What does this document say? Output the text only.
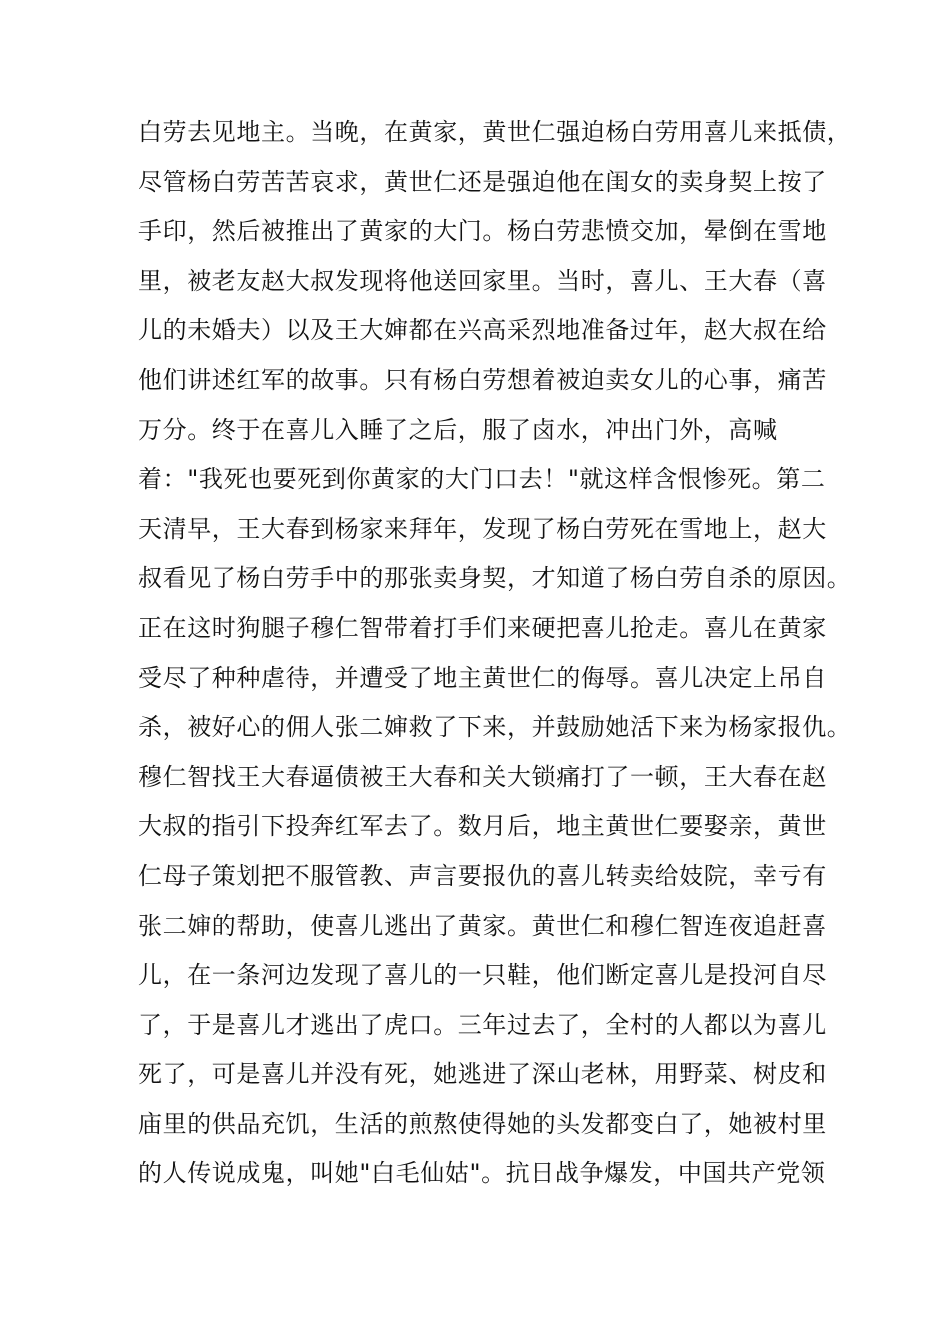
白劳去见地主。当晚，在黄家，黄世仁强迫杨白劳用喜儿来抵债，
尽管杨白劳苦苦哀求，黄世仁还是强迫他在闺女的卖身契上按了
手印，然后被推出了黄家的大门。杨白劳悲愤交加，晕倒在雪地
里，被老友赵大叔发现将他送回家里。当时，喜儿、王大春（喜
儿的未婚夫）以及王大婶都在兴高采烈地准备过年，赵大叔在给
他们讲述红军的故事。只有杨白劳想着被迫卖女儿的心事，痛苦
万分。终于在喜儿入睡了之后，服了卤水，冲出门外，高喊
着："我死也要死到你黄家的大门口去！"就这样含恨惨死。第二
天清早，王大春到杨家来拜年，发现了杨白劳死在雪地上，赵大
叔看见了杨白劳手中的那张卖身契，才知道了杨白劳自杀的原因。
正在这时狗腿子穆仁智带着打手们来硬把喜儿抢走。喜儿在黄家
受尽了种种虐待，并遭受了地主黄世仁的侮辱。喜儿决定上吊自
杀，被好心的佣人张二婶救了下来，并鼓励她活下来为杨家报仇。
穆仁智找王大春逼债被王大春和关大锁痛打了一顿，王大春在赵
大叔的指引下投奔红军去了。数月后，地主黄世仁要娶亲，黄世
仁母子策划把不服管教、声言要报仇的喜儿转卖给妓院，幸亏有
张二婶的帮助，使喜儿逃出了黄家。黄世仁和穆仁智连夜追赶喜
儿，在一条河边发现了喜儿的一只鞋，他们断定喜儿是投河自尽
了，于是喜儿才逃出了虎口。三年过去了，全村的人都以为喜儿
死了，可是喜儿并没有死，她逃进了深山老林，用野菜、树皮和
庙里的供品充饥，生活的煎熬使得她的头发都变白了，她被村里
的人传说成鬼，叫她"白毛仙姑"。抗日战争爆发，中国共产党领
